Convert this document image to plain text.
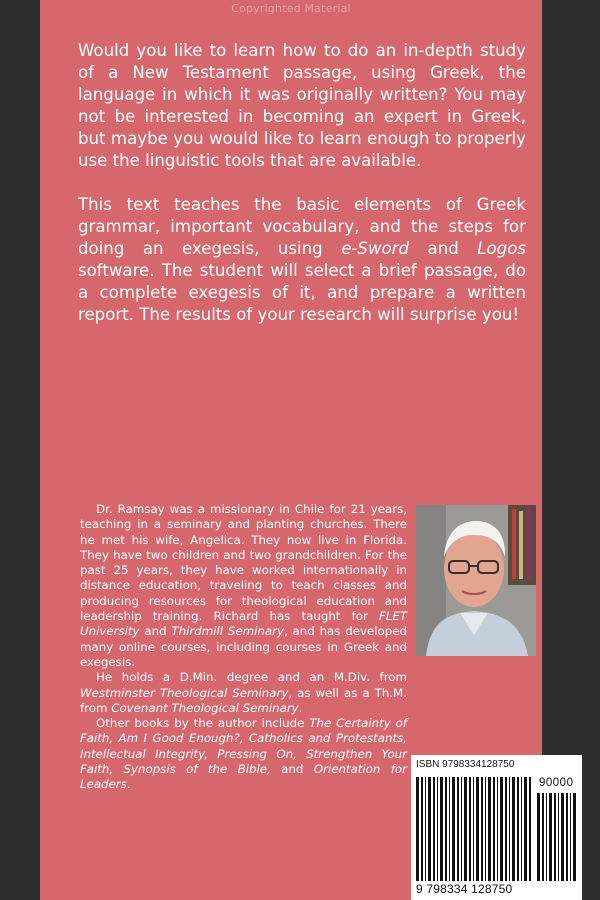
Copyrighted Material

Would you like to learn how to do an in-depth study of a New Testament passage, using Greek, the language in which it was originally written? You may not be interested in becoming an expert in Greek, but maybe you would like to learn enough to properly use the linguistic tools that are available.

This text teaches the basic elements of Greek grammar, important vocabulary, and the steps for doing an exegesis, using e-Sword and Logos software. The student will select a brief passage, do a complete exegesis of it, and prepare a written report. The results of your research will surprise you!

Dr. Ramsay was a missionary in Chile for 21 years, teaching in a seminary and planting churches. There he met his wife, Angelica. They now live in Florida. They have two children and two grandchildren. For the past 25 years, they have worked internationally in distance education, traveling to teach classes and producing resources for theological education and leadership training. Richard has taught for FLET University and Thirdmill Seminary, and has developed many online courses, including courses in Greek and exegesis.

He holds a D.Min. degree and an M.Div. from Westminster Theological Seminary, as well as a Th.M. from Covenant Theological Seminary.

Other books by the author include The Certainty of Faith, Am I Good Enough?, Catholics and Protestants, Intellectual Integrity, Pressing On, Strengthen Your Faith, Synopsis of the Bible, and Orientation for Leaders.

ISBN 9798334128750
90000
9 798334 128750
